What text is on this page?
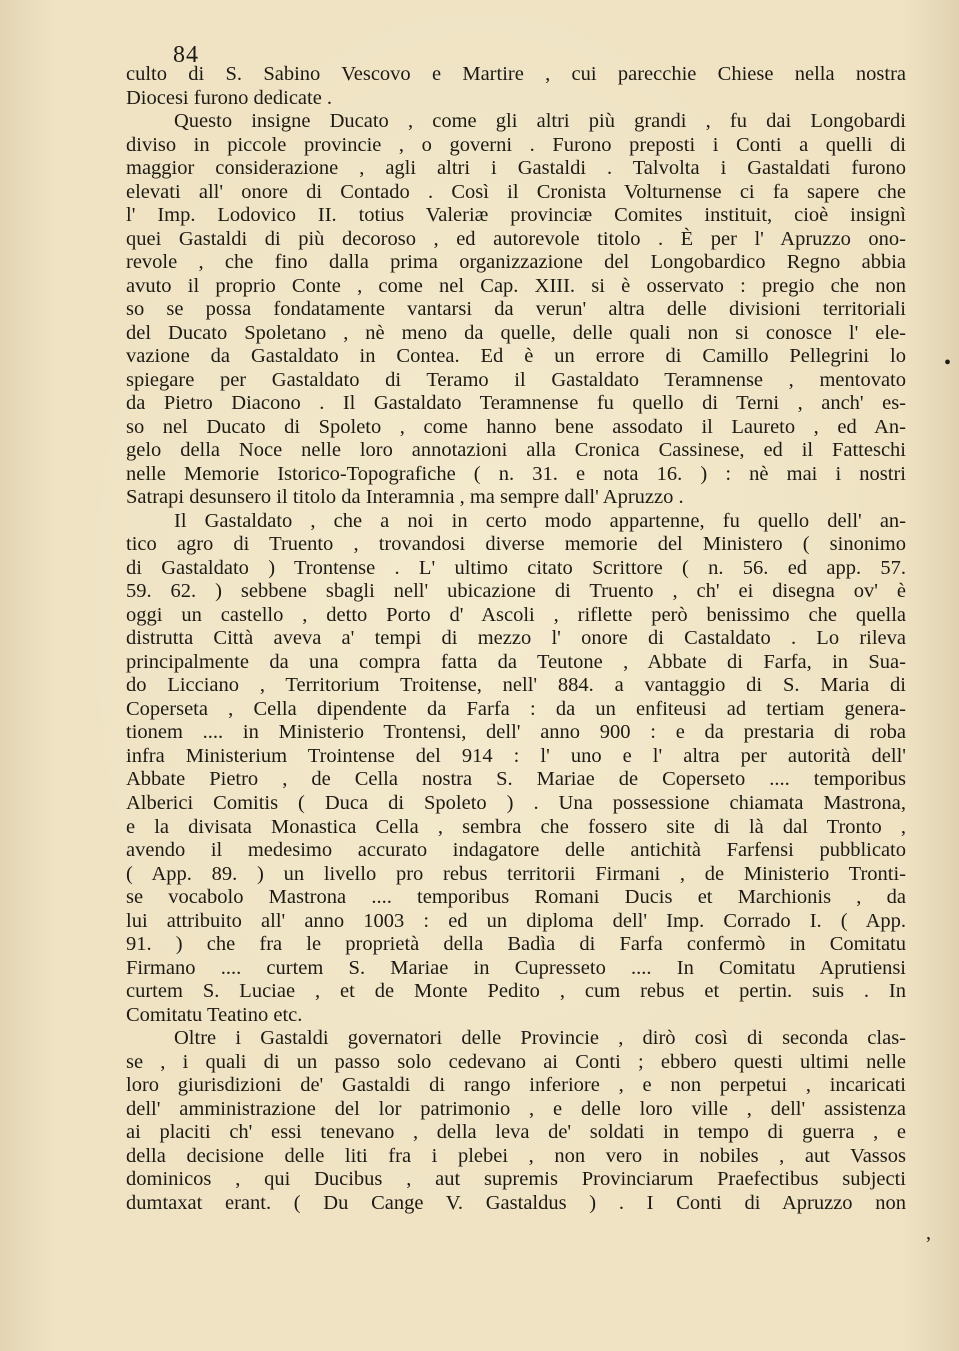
84
culto di S. Sabino Vescovo e Martire , cui parecchie Chiese nella nostra
Diocesi furono dedicate .
Questo insigne Ducato , come gli altri più grandi , fu dai Longobardi
diviso in piccole provincie , o governi . Furono preposti i Conti a quelli di
maggior considerazione , agli altri i Gastaldi . Talvolta i Gastaldati furono
elevati all' onore di Contado . Così il Cronista Volturnense ci fa sapere che
l' Imp. Lodovico II. totius Valeriæ provinciæ Comites instituit, cioè insignì
quei Gastaldi di più decoroso , ed autorevole titolo . È per l' Apruzzo ono-
revole , che fino dalla prima organizzazione del Longobardico Regno abbia
avuto il proprio Conte , come nel Cap. XIII. si è osservato : pregio che non
so se possa fondatamente vantarsi da verun' altra delle divisioni territoriali
del Ducato Spoletano , nè meno da quelle, delle quali non si conosce l' ele-
vazione da Gastaldato in Contea. Ed è un errore di Camillo Pellegrini lo
spiegare per Gastaldato di Teramo il Gastaldato Teramnense , mentovato
da Pietro Diacono . Il Gastaldato Teramnense fu quello di Terni , anch' es-
so nel Ducato di Spoleto , come hanno bene assodato il Laureto , ed An-
gelo della Noce nelle loro annotazioni alla Cronica Cassinese, ed il Fatteschi
nelle Memorie Istorico-Topografiche ( n. 31. e nota 16. ) : nè mai i nostri
Satrapi desunsero il titolo da Interamnia , ma sempre dall' Apruzzo .
Il Gastaldato , che a noi in certo modo appartenne, fu quello dell' an-
tico agro di Truento , trovandosi diverse memorie del Ministero ( sinonimo
di Gastaldato ) Trontense . L' ultimo citato Scrittore ( n. 56. ed app. 57.
59. 62. ) sebbene sbagli nell' ubicazione di Truento , ch' ei disegna ov' è
oggi un castello , detto Porto d' Ascoli , riflette però benissimo che quella
distrutta Città aveva a' tempi di mezzo l' onore di Castaldato . Lo rileva
principalmente da una compra fatta da Teutone , Abbate di Farfa, in Sua-
do Licciano , Territorium Troitense, nell' 884. a vantaggio di S. Maria di
Coperseta , Cella dipendente da Farfa : da un enfiteusi ad tertiam genera-
tionem .... in Ministerio Trontensi, dell' anno 900 : e da prestaria di roba
infra Ministerium Trointense del 914 : l' uno e l' altra per autorità dell'
Abbate Pietro , de Cella nostra S. Mariae de Coperseto .... temporibus
Alberici Comitis ( Duca di Spoleto ) . Una possessione chiamata Mastrona,
e la divisata Monastica Cella , sembra che fossero site di là dal Tronto ,
avendo il medesimo accurato indagatore delle antichità Farfensi pubblicato
( App. 89. ) un livello pro rebus territorii Firmani , de Ministerio Tronti-
se vocabolo Mastrona .... temporibus Romani Ducis et Marchionis , da
lui attribuito all' anno 1003 : ed un diploma dell' Imp. Corrado I. ( App.
91. ) che fra le proprietà della Badìa di Farfa confermò in Comitatu
Firmano .... curtem S. Mariae in Cupresseto .... In Comitatu Aprutiensi
curtem S. Luciae , et de Monte Pedito , cum rebus et pertin. suis . In
Comitatu Teatino etc.
Oltre i Gastaldi governatori delle Provincie , dirò così di seconda clas-
se , i quali di un passo solo cedevano ai Conti ; ebbero questi ultimi nelle
loro giurisdizioni de' Gastaldi di rango inferiore , e non perpetui , incaricati
dell' amministrazione del lor patrimonio , e delle loro ville , dell' assistenza
ai placiti ch' essi tenevano , della leva de' soldati in tempo di guerra , e
della decisione delle liti fra i plebei , non vero in nobiles , aut Vassos
dominicos , qui Ducibus , aut supremis Provinciarum Praefectibus subjecti
dumtaxat erant. ( Du Cange V. Gastaldus ) . I Conti di Apruzzo non
•
,
